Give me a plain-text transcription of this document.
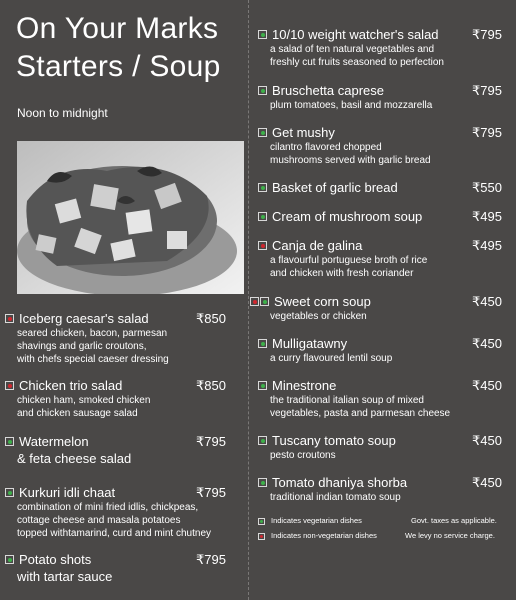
On Your Marks
Starters / Soup
Noon to midnight
Iceberg caesar's salad	₹850
seared chicken, bacon, parmesan
shavings and garlic croutons,
with chefs special caeser dressing
Chicken trio salad	₹850
chicken ham, smoked chicken
and chicken sausage salad
Watermelon	₹795
& feta cheese salad
Kurkuri idli chaat	₹795
combination of mini fried idlis, chickpeas,
cottage cheese and masala potatoes
topped withtamarind, curd and mint chutney
Potato shots	₹795
with tartar sauce
10/10 weight watcher's salad	₹795
a salad of ten natural vegetables and
freshly cut fruits seasoned to perfection
Bruschetta caprese	₹795
plum tomatoes, basil and mozzarella
Get mushy	₹795
cilantro flavored chopped
mushrooms served with garlic bread
Basket of garlic bread	₹550
Cream of mushroom soup	₹495
Canja de galina	₹495
a flavourful portuguese broth of rice
and chicken with fresh coriander
Sweet corn soup	₹450
vegetables or chicken
Mulligatawny	₹450
a curry flavoured lentil soup
Minestrone	₹450
the traditional italian soup of mixed
vegetables, pasta and parmesan cheese
Tuscany tomato soup	₹450
pesto croutons
Tomato dhaniya shorba	₹450
traditional indian tomato soup
Indicates vegetarian dishes
Indicates non-vegetarian dishes
Govt. taxes as applicable.
We levy no service charge.
